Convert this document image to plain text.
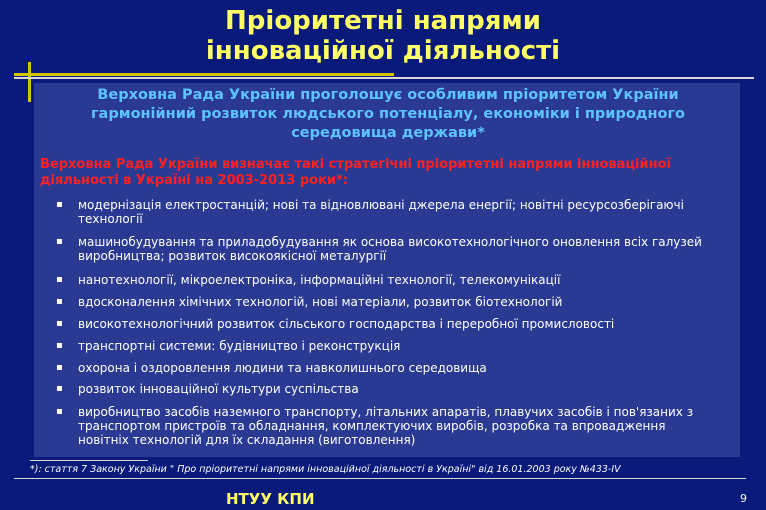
Пріоритетні напрями
інноваційної діяльності
Верховна Рада України проголошує особливим пріоритетом України гармонійний розвиток людського потенціалу, економіки і природного середовища держави*
Верховна Рада України визначає такі стратегічні пріоритетні напрями інноваційної діяльності в Україні на 2003-2013 роки*:
▪ модернізація електростанцій; нові та відновлювані джерела енергії; новітні ресурсозберігаючі технології
▪ машинобудування та приладобудування як основа високотехнологічного оновлення всіх галузей виробництва; розвиток високоякісної металургії
▪ нанотехнології, мікроелектроніка, інформаційні технології, телекомунікації
▪ вдосконалення хімічних технологій, нові матеріали, розвиток біотехнологій
▪ високотехнологічний розвиток сільського господарства і переробної промисловості
▪ транспортні системи: будівництво і реконструкція
▪ охорона і оздоровлення людини та навколишнього середовища
▪ розвиток інноваційної культури суспільства
▪ виробництво засобів наземного транспорту, літальних апаратів, плавучих засобів і пов'язаних з транспортом пристроїв та обладнання, комплектуючих виробів, розробка та впровадження новітніх технологій для їх складання (виготовлення)
*): стаття 7 Закону України " Про пріоритетні напрями інноваційної діяльності в Україні" від 16.01.2003 року №433-IV
НТУУ КПИ	9
